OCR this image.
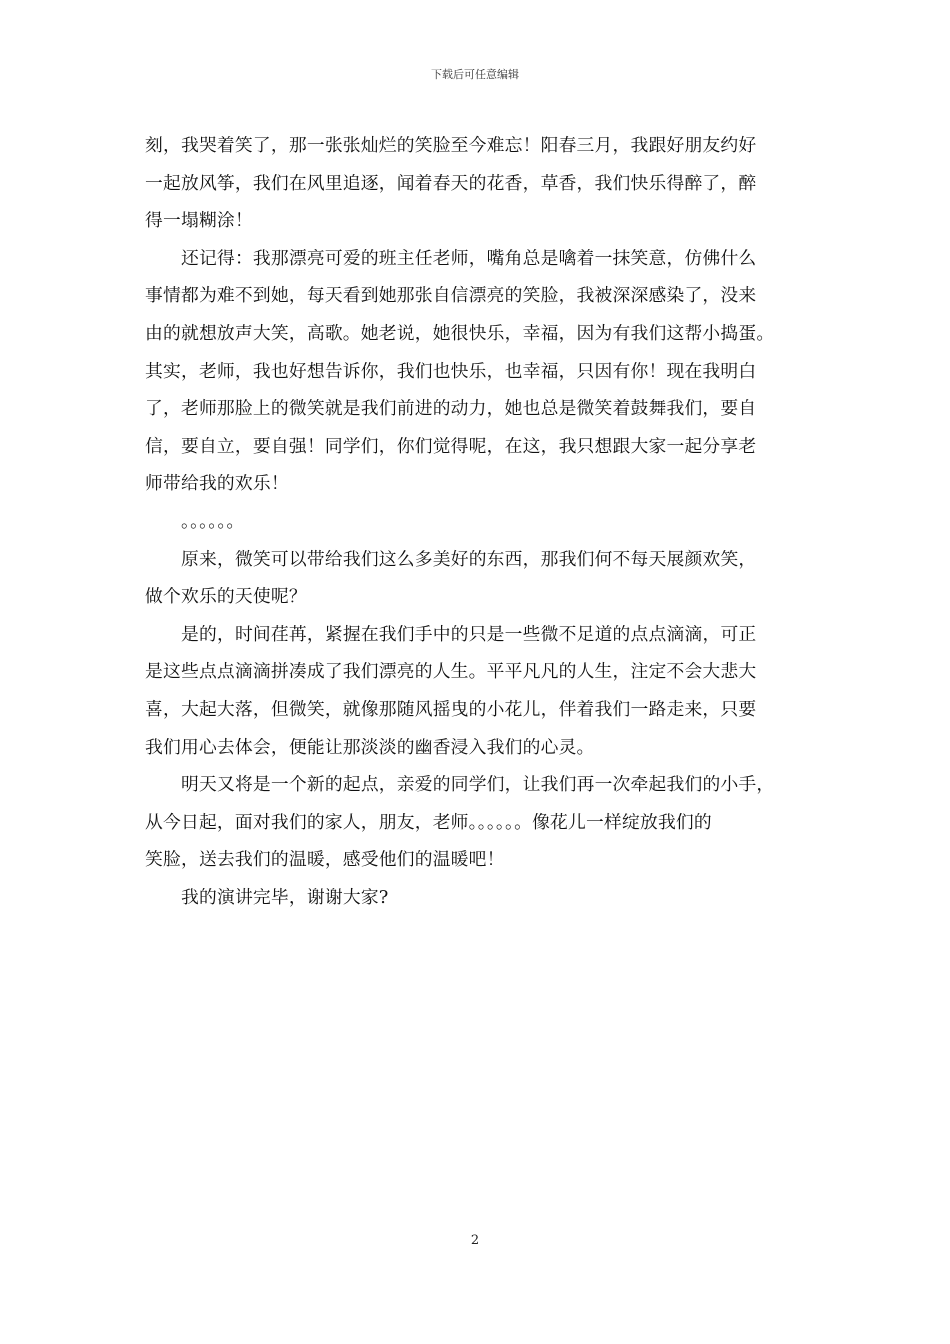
下载后可任意编辑
刻，我哭着笑了，那一张张灿烂的笑脸至今难忘！阳春三月，我跟好朋友约好
一起放风筝，我们在风里追逐，闻着春天的花香，草香，我们快乐得醉了，醉
得一塌糊涂！
还记得：我那漂亮可爱的班主任老师，嘴角总是噙着一抹笑意，仿佛什么
事情都为难不到她，每天看到她那张自信漂亮的笑脸，我被深深感染了，没来
由的就想放声大笑，高歌。她老说，她很快乐，幸福，因为有我们这帮小捣蛋。
其实，老师，我也好想告诉你，我们也快乐，也幸福，只因有你！现在我明白
了，老师那脸上的微笑就是我们前进的动力，她也总是微笑着鼓舞我们，要自
信，要自立，要自强！同学们，你们觉得呢，在这，我只想跟大家一起分享老
师带给我的欢乐！
。。。。。。
原来，微笑可以带给我们这么多美好的东西，那我们何不每天展颜欢笑，
做个欢乐的天使呢？
是的，时间荏苒，紧握在我们手中的只是一些微不足道的点点滴滴，可正
是这些点点滴滴拼凑成了我们漂亮的人生。平平凡凡的人生，注定不会大悲大
喜，大起大落，但微笑，就像那随风摇曳的小花儿，伴着我们一路走来，只要
我们用心去体会，便能让那淡淡的幽香浸入我们的心灵。
明天又将是一个新的起点，亲爱的同学们，让我们再一次牵起我们的小手，
从今日起，面对我们的家人，朋友，老师。。。。。。像花儿一样绽放我们的
笑脸，送去我们的温暖，感受他们的温暖吧！
我的演讲完毕，谢谢大家?
2
